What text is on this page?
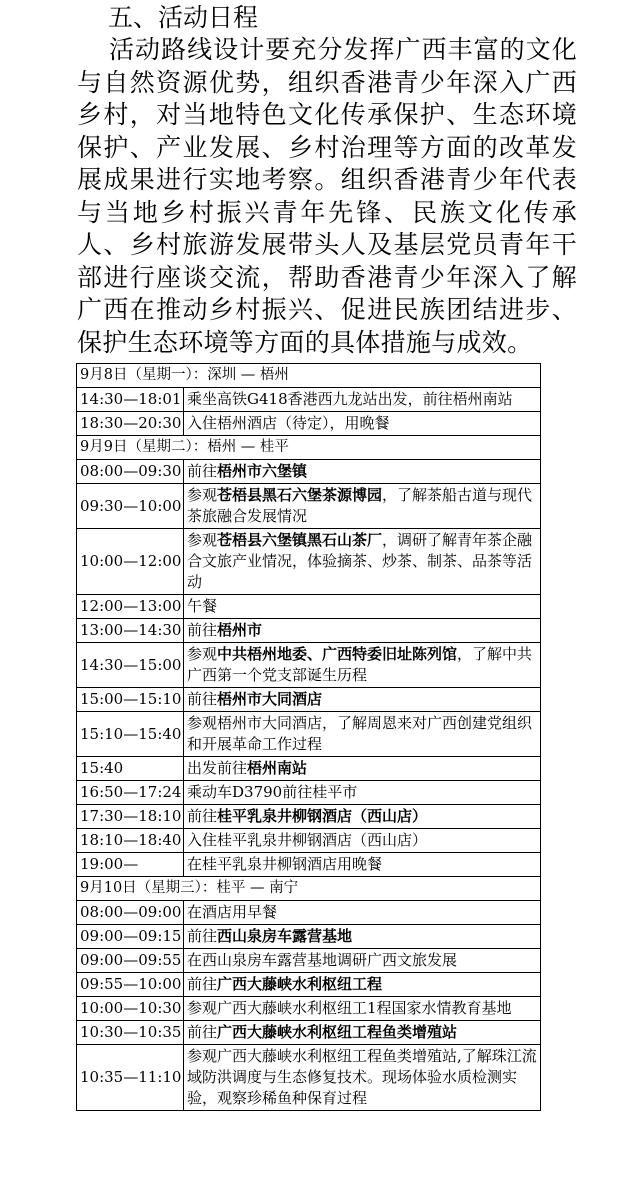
五、活动日程
活动路线设计要充分发挥广西丰富的文化与自然资源优势，组织香港青少年深入广西乡村，对当地特色文化传承保护、生态环境保护、产业发展、乡村治理等方面的改革发展成果进行实地考察。组织香港青少年代表与当地乡村振兴青年先锋、民族文化传承人、乡村旅游发展带头人及基层党员青年干部进行座谈交流，帮助香港青少年深入了解广西在推动乡村振兴、促进民族团结进步、保护生态环境等方面的具体措施与成效。
9月8日（星期一）：深圳 — 梧州	
14:30—18:01	乘坐高铁G418香港西九龙站出发，前往梧州南站
18:30—20:30	入住梧州酒店（待定），用晚餐
9月9日（星期二）：梧州 — 桂平	
08:00—09:30	前往梧州市六堡镇
09:30—10:00	参观苍梧县黑石六堡茶源博园，了解茶船古道与现代茶旅融合发展情况
10:00—12:00	参观苍梧县六堡镇黑石山茶厂，调研了解青年茶企融合文旅产业情况，体验摘茶、炒茶、制茶、品茶等活动
12:00—13:00	午餐
13:00—14:30	前往梧州市
14:30—15:00	参观中共梧州地委、广西特委旧址陈列馆，了解中共广西第一个党支部诞生历程
15:00—15:10	前往梧州市大同酒店
15:10—15:40	参观梧州市大同酒店，了解周恩来对广西创建党组织和开展革命工作过程
15:40	出发前往梧州南站
16:50—17:24	乘动车D3790前往桂平市
17:30—18:10	前往桂平乳泉井柳钢酒店（西山店）
18:10—18:40	入住桂平乳泉井柳钢酒店（西山店）
19:00—	在桂平乳泉井柳钢酒店用晚餐
9月10日（星期三）：桂平 — 南宁	
08:00—09:00	在酒店用早餐
09:00—09:15	前往西山泉房车露营基地
09:00—09:55	在西山泉房车露营基地调研广西文旅发展
09:55—10:00	前往广西大藤峡水利枢纽工程
10:00—10:30	参观广西大藤峡水利枢纽工1程国家水情教育基地
10:30—10:35	前往广西大藤峡水利枢纽工程鱼类增殖站
10:35—11:10	参观广西大藤峡水利枢纽工程鱼类增殖站,了解珠江流域防洪调度与生态修复技术。现场体验水质检测实验，观察珍稀鱼种保育过程
